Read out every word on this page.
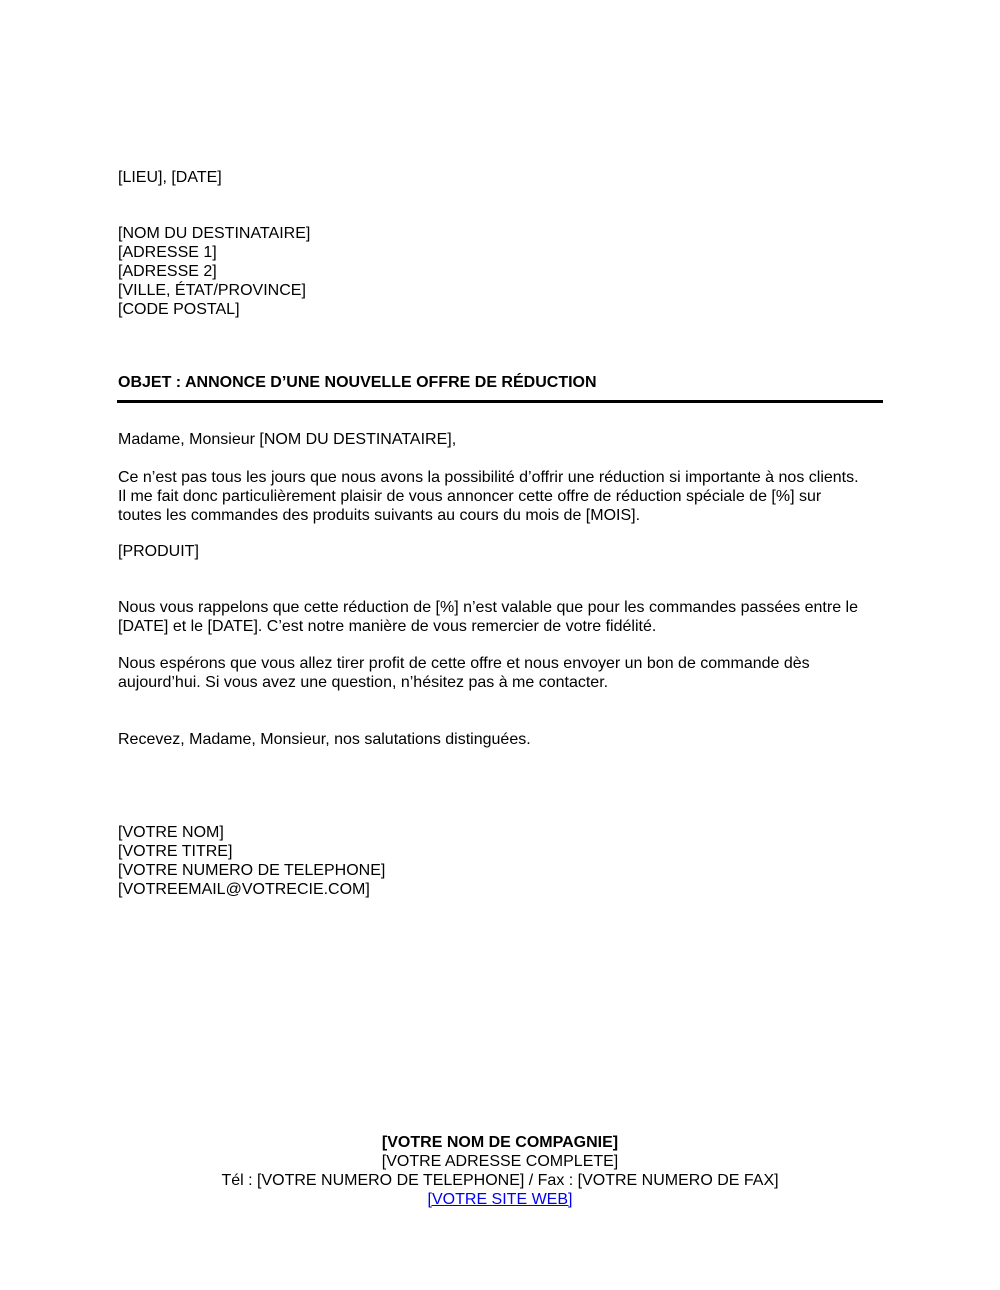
[LIEU], [DATE]
[NOM DU DESTINATAIRE]
[ADRESSE 1]
[ADRESSE 2]
[VILLE, ÉTAT/PROVINCE]
[CODE POSTAL]
OBJET : ANNONCE D’UNE NOUVELLE OFFRE DE RÉDUCTION
Madame, Monsieur [NOM DU DESTINATAIRE],
Ce n’est pas tous les jours que nous avons la possibilité d’offrir une réduction si importante à nos clients.
Il me fait donc particulièrement plaisir de vous annoncer cette offre de réduction spéciale de [%] sur
toutes les commandes des produits suivants au cours du mois de [MOIS].
[PRODUIT]
Nous vous rappelons que cette réduction de [%] n’est valable que pour les commandes passées entre le
[DATE] et le [DATE]. C’est notre manière de vous remercier de votre fidélité.
Nous espérons que vous allez tirer profit de cette offre et nous envoyer un bon de commande dès
aujourd’hui. Si vous avez une question, n’hésitez pas à me contacter.
Recevez, Madame, Monsieur, nos salutations distinguées.
[VOTRE NOM]
[VOTRE TITRE]
[VOTRE NUMERO DE TELEPHONE]
[VOTREEMAIL@VOTRECIE.COM]
[VOTRE NOM DE COMPAGNIE]
[VOTRE ADRESSE COMPLETE]
Tél : [VOTRE NUMERO DE TELEPHONE] / Fax : [VOTRE NUMERO DE FAX]
[VOTRE SITE WEB]
